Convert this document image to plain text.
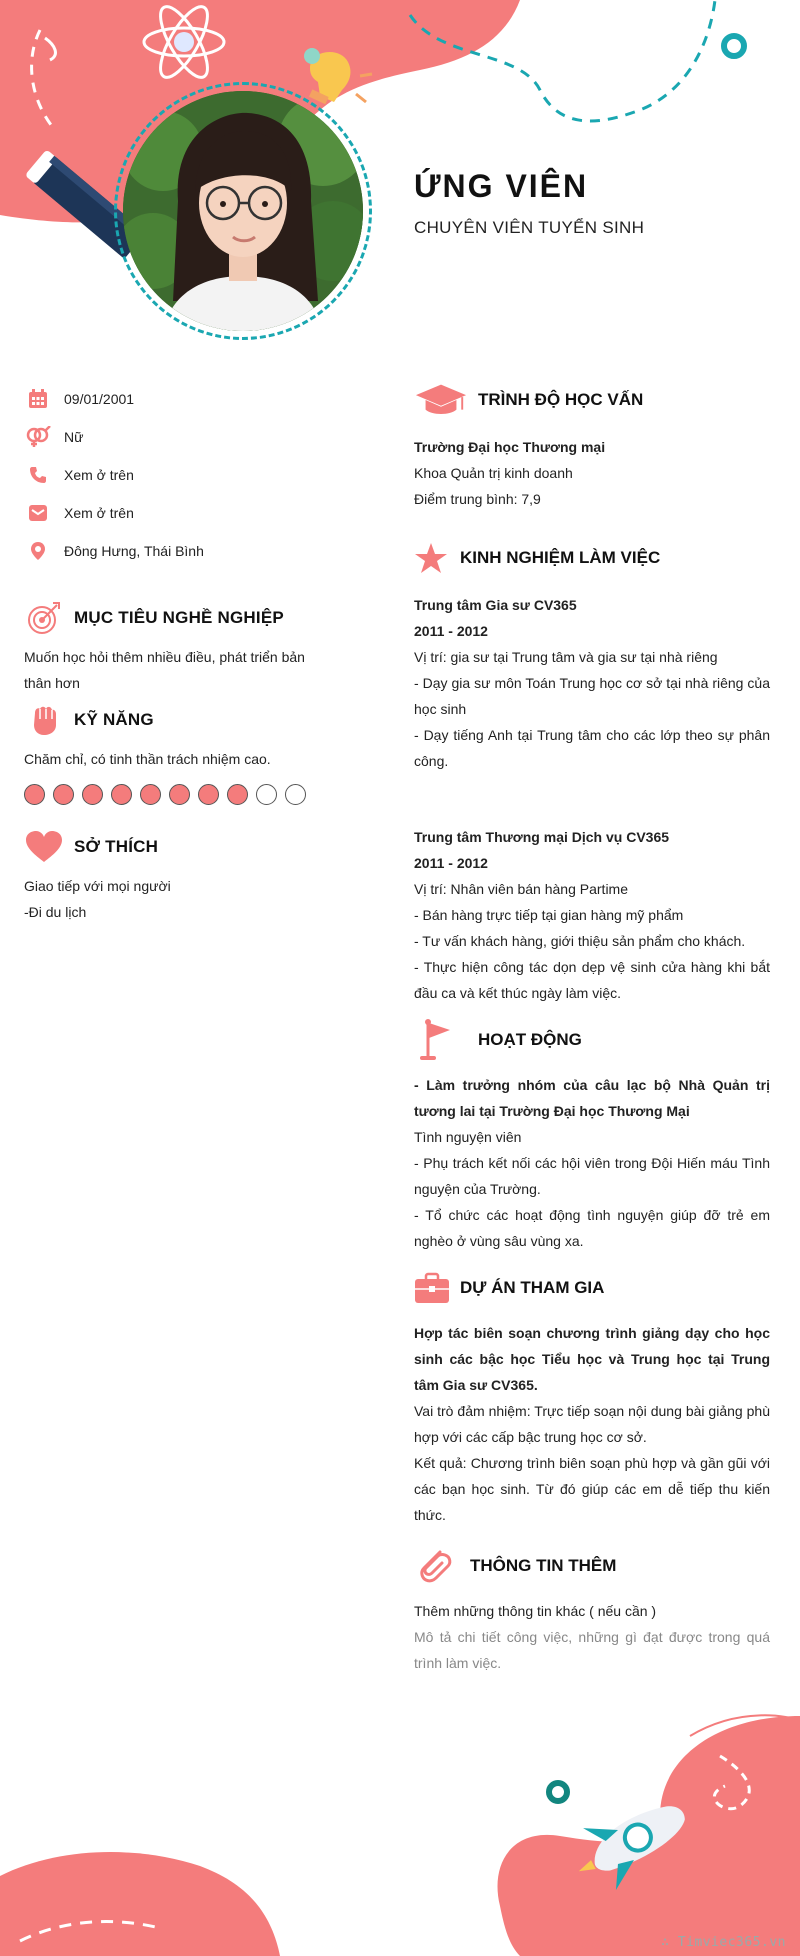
ỨNG VIÊN
CHUYÊN VIÊN TUYỂN SINH
09/01/2001
Nữ
Xem ở trên
Xem ở trên
Đông Hưng, Thái Bình
MỤC TIÊU NGHỀ NGHIỆP

Muốn học hỏi thêm nhiều điều, phát triển bản thân hơn

KỸ NĂNG

Chăm chỉ, có tinh thần trách nhiệm cao.

SỞ THÍCH

Giao tiếp với mọi người

-Đi du lịch

TRÌNH ĐỘ HỌC VẤN
Trường Đại học Thương mại
Khoa Quản trị kinh doanh
Điểm trung bình: 7,9
KINH NGHIỆM LÀM VIỆC
Trung tâm Gia sư CV365
2011 - 2012
Vị trí: gia sư tại Trung tâm và gia sư tại nhà riêng
- Dạy gia sư môn Toán Trung học cơ sở tại nhà riêng của học sinh
- Dạy tiếng Anh tại Trung tâm cho các lớp theo sự phân công.
Trung tâm Thương mại Dịch vụ CV365
2011 - 2012
Vị trí: Nhân viên bán hàng Partime
- Bán hàng trực tiếp tại gian hàng mỹ phẩm
- Tư vấn khách hàng, giới thiệu sản phẩm cho khách.
- Thực hiện công tác dọn dẹp vệ sinh cửa hàng khi bắt đầu ca và kết thúc ngày làm việc.
HOẠT ĐỘNG
- Làm trưởng nhóm của câu lạc bộ Nhà Quản trị tương lai tại Trường Đại học Thương Mại
Tình nguyện viên
- Phụ trách kết nối các hội viên trong Đội Hiến máu Tình nguyện của Trường.
- Tổ chức các hoạt động tình nguyện giúp đỡ trẻ em nghèo ở vùng sâu vùng xa.
DỰ ÁN THAM GIA
Hợp tác biên soạn chương trình giảng dạy cho học sinh các bậc học Tiểu học và Trung học tại Trung tâm Gia sư CV365.
Vai trò đảm nhiệm: Trực tiếp soạn nội dung bài giảng phù hợp với các cấp bậc trung học cơ sở.
Kết quả: Chương trình biên soạn phù hợp và gần gũi với các bạn học sinh. Từ đó giúp các em dễ tiếp thu kiến thức.
THÔNG TIN THÊM
Thêm những thông tin khác ( nếu cần )
Mô tả chi tiết công việc, những gì đạt được trong quá trình làm việc.
∴ Timviec365.vn
